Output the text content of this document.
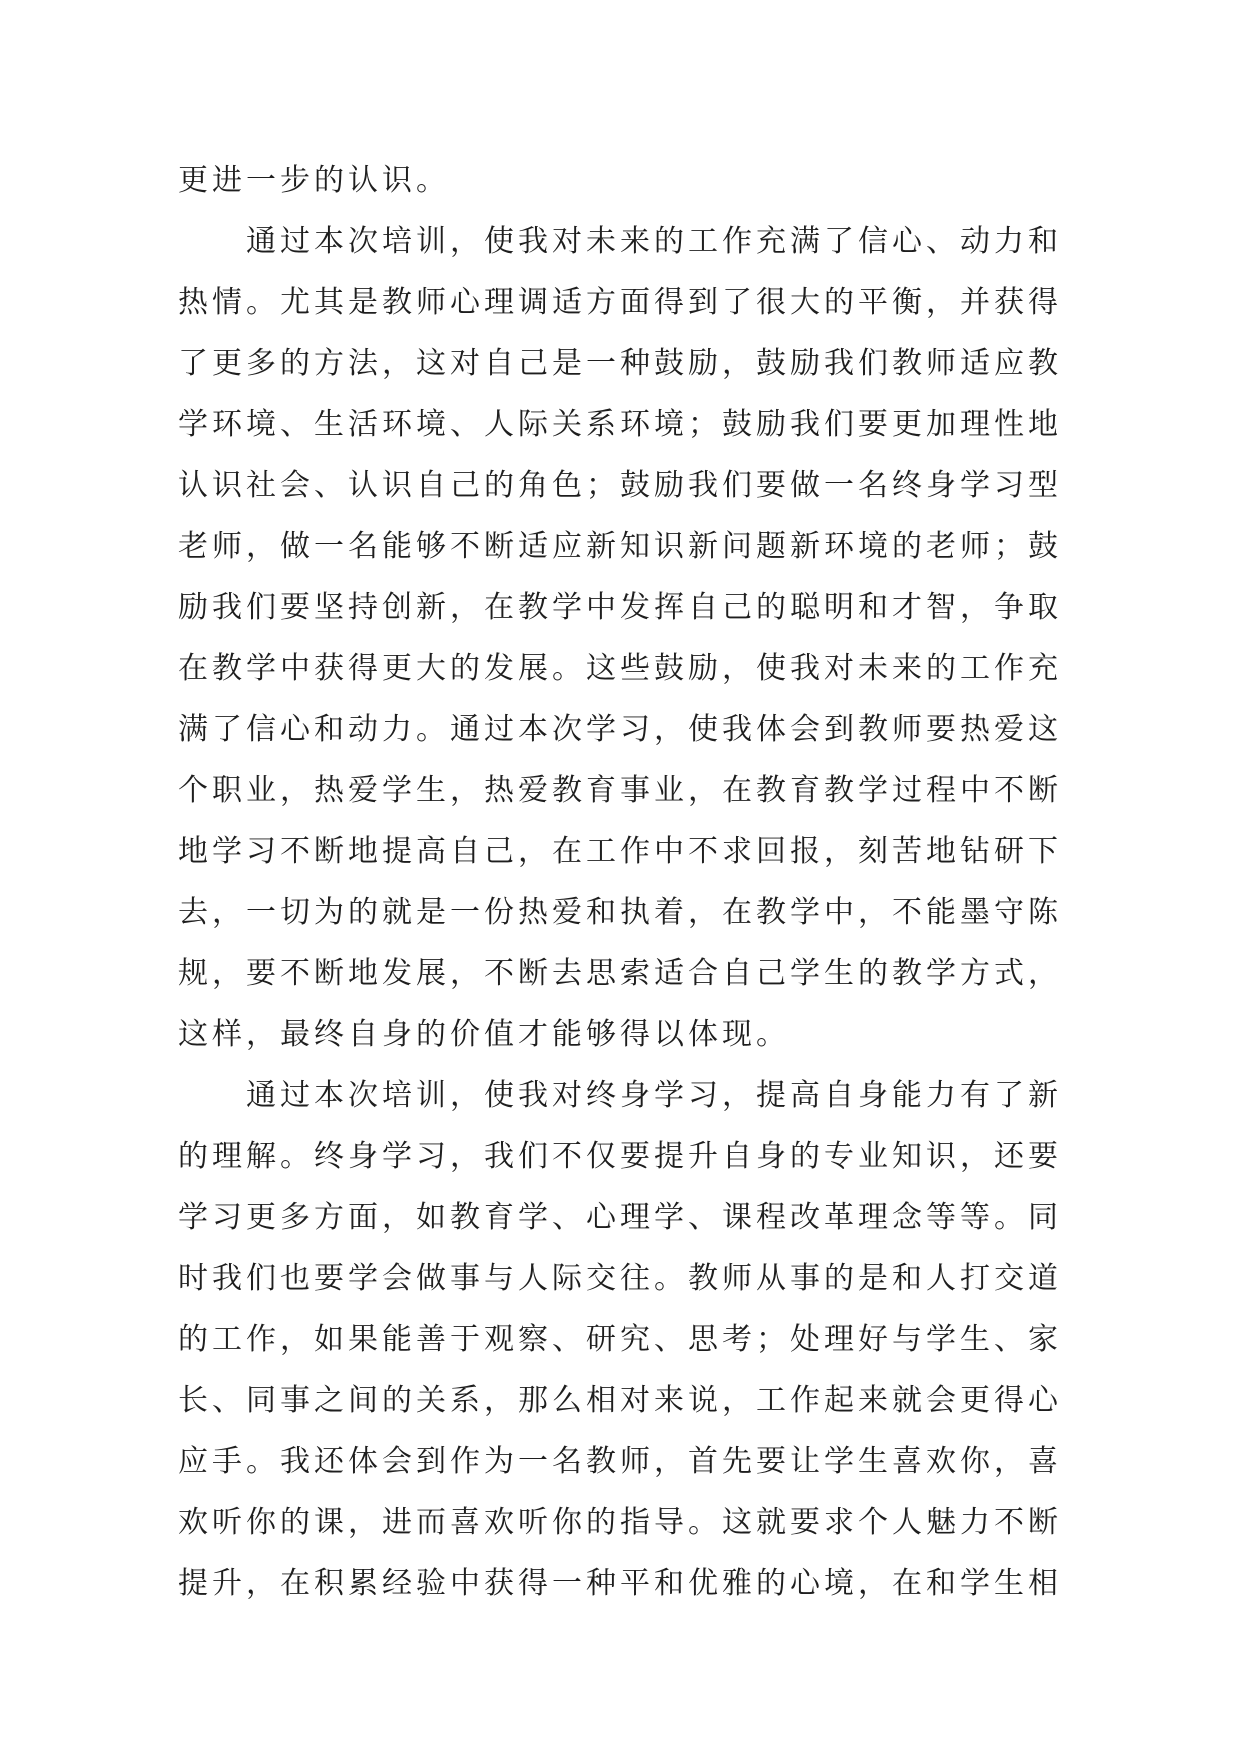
更进一步的认识。
通过本次培训，使我对未来的工作充满了信心、动力和
热情。尤其是教师心理调适方面得到了很大的平衡，并获得
了更多的方法，这对自己是一种鼓励，鼓励我们教师适应教
学环境、生活环境、人际关系环境；鼓励我们要更加理性地
认识社会、认识自己的角色；鼓励我们要做一名终身学习型
老师，做一名能够不断适应新知识新问题新环境的老师；鼓
励我们要坚持创新，在教学中发挥自己的聪明和才智，争取
在教学中获得更大的发展。这些鼓励，使我对未来的工作充
满了信心和动力。通过本次学习，使我体会到教师要热爱这
个职业，热爱学生，热爱教育事业，在教育教学过程中不断
地学习不断地提高自己，在工作中不求回报，刻苦地钻研下
去，一切为的就是一份热爱和执着，在教学中，不能墨守陈
规，要不断地发展，不断去思索适合自己学生的教学方式，
这样，最终自身的价值才能够得以体现。
通过本次培训，使我对终身学习，提高自身能力有了新
的理解。终身学习，我们不仅要提升自身的专业知识，还要
学习更多方面，如教育学、心理学、课程改革理念等等。同
时我们也要学会做事与人际交往。教师从事的是和人打交道
的工作，如果能善于观察、研究、思考；处理好与学生、家
长、同事之间的关系，那么相对来说，工作起来就会更得心
应手。我还体会到作为一名教师，首先要让学生喜欢你，喜
欢听你的课，进而喜欢听你的指导。这就要求个人魅力不断
提升，在积累经验中获得一种平和优雅的心境，在和学生相
